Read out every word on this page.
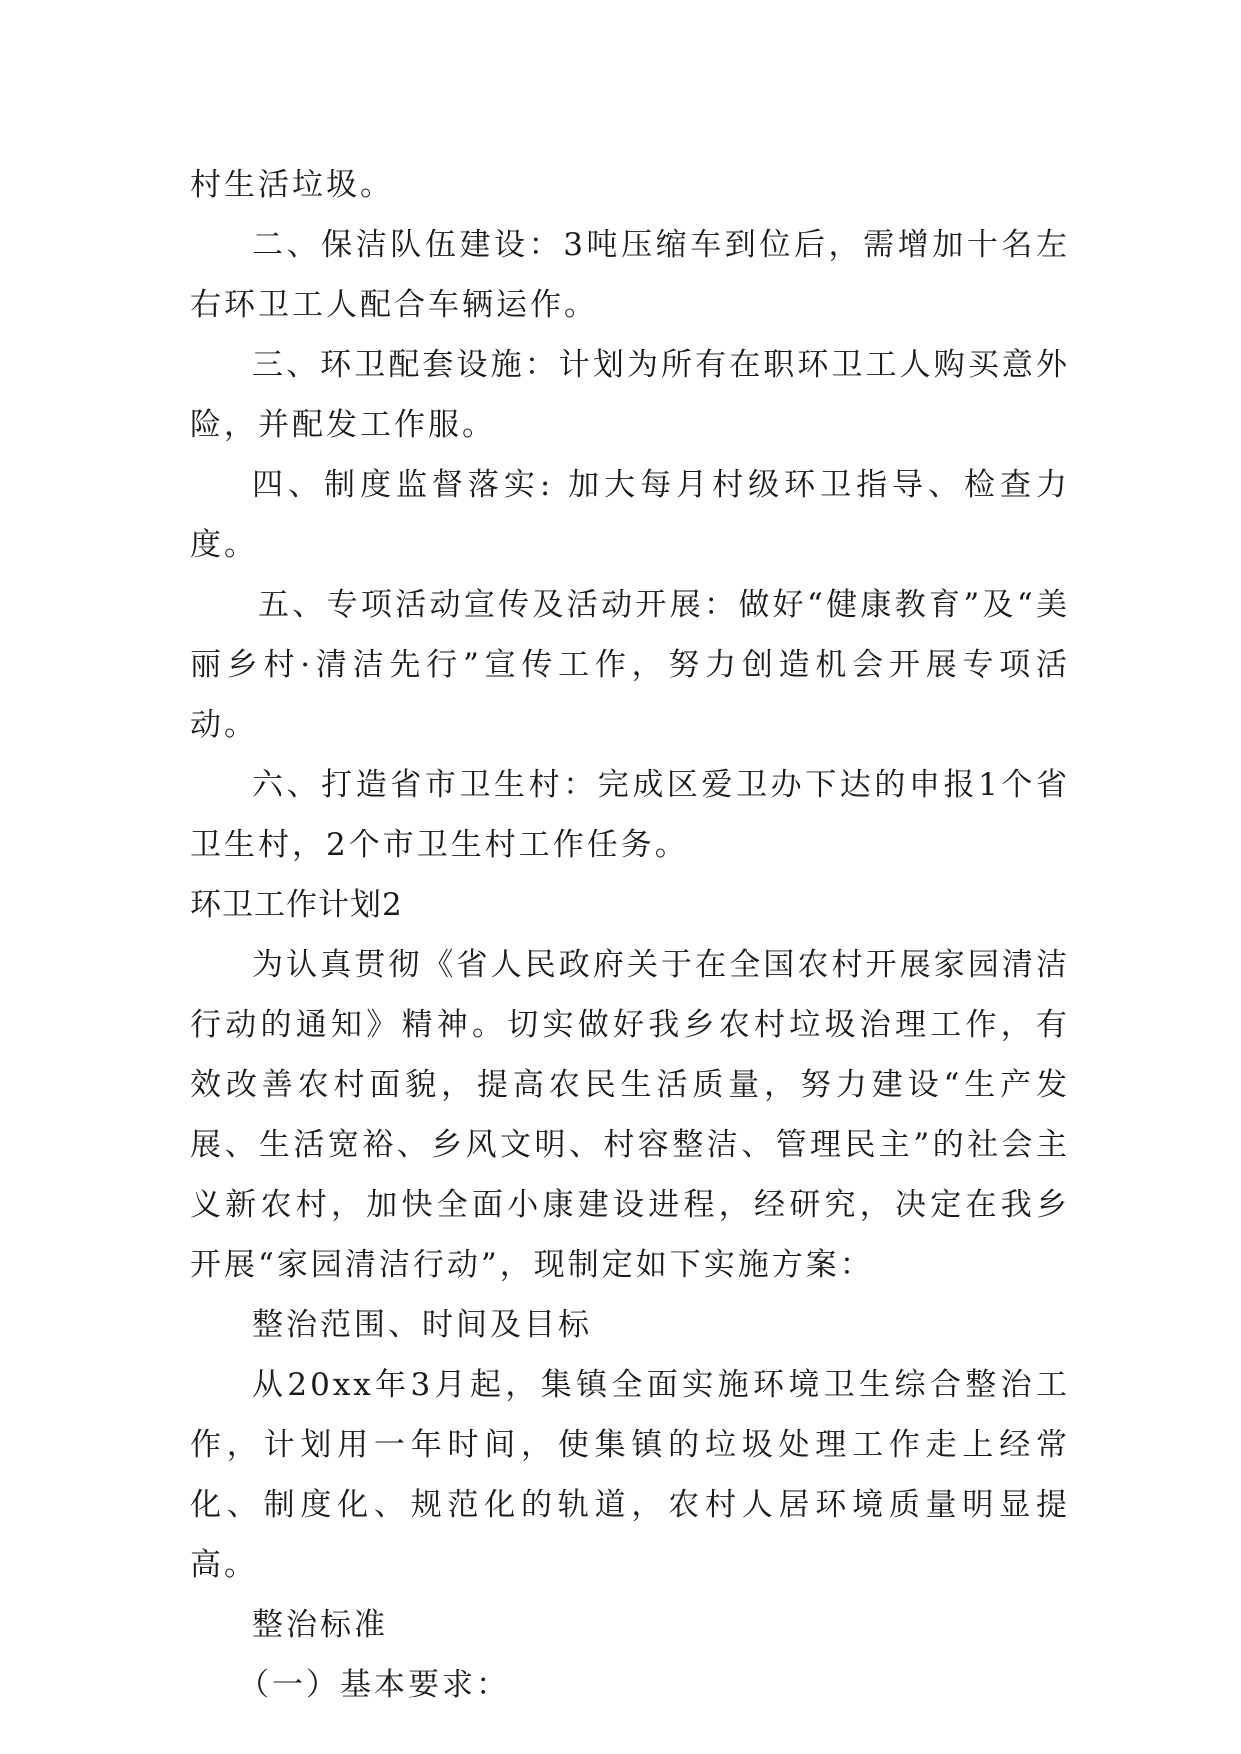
村生活垃圾。

二、保洁队伍建设：3吨压缩车到位后，需增加十名左右环卫工人配合车辆运作。

三、环卫配套设施：计划为所有在职环卫工人购买意外险，并配发工作服。

四、制度监督落实: 加大每月村级环卫指导、检查力度。

五、专项活动宣传及活动开展：做好“健康教育”及“美丽乡村·清洁先行”宣传工作，努力创造机会开展专项活动。

六、打造省市卫生村：完成区爱卫办下达的申报1个省卫生村，2个市卫生村工作任务。

环卫工作计划2

为认真贯彻《省人民政府关于在全国农村开展家园清洁行动的通知》精神。切实做好我乡农村垃圾治理工作，有效改善农村面貌，提高农民生活质量，努力建设“生产发展、生活宽裕、乡风文明、村容整洁、管理民主”的社会主义新农村，加快全面小康建设进程，经研究，决定在我乡开展“家园清洁行动”，现制定如下实施方案：

整治范围、时间及目标

从20xx年3月起，集镇全面实施环境卫生综合整治工作，计划用一年时间，使集镇的垃圾处理工作走上经常化、制度化、规范化的轨道，农村人居环境质量明显提高。

整治标准

（一）基本要求：
